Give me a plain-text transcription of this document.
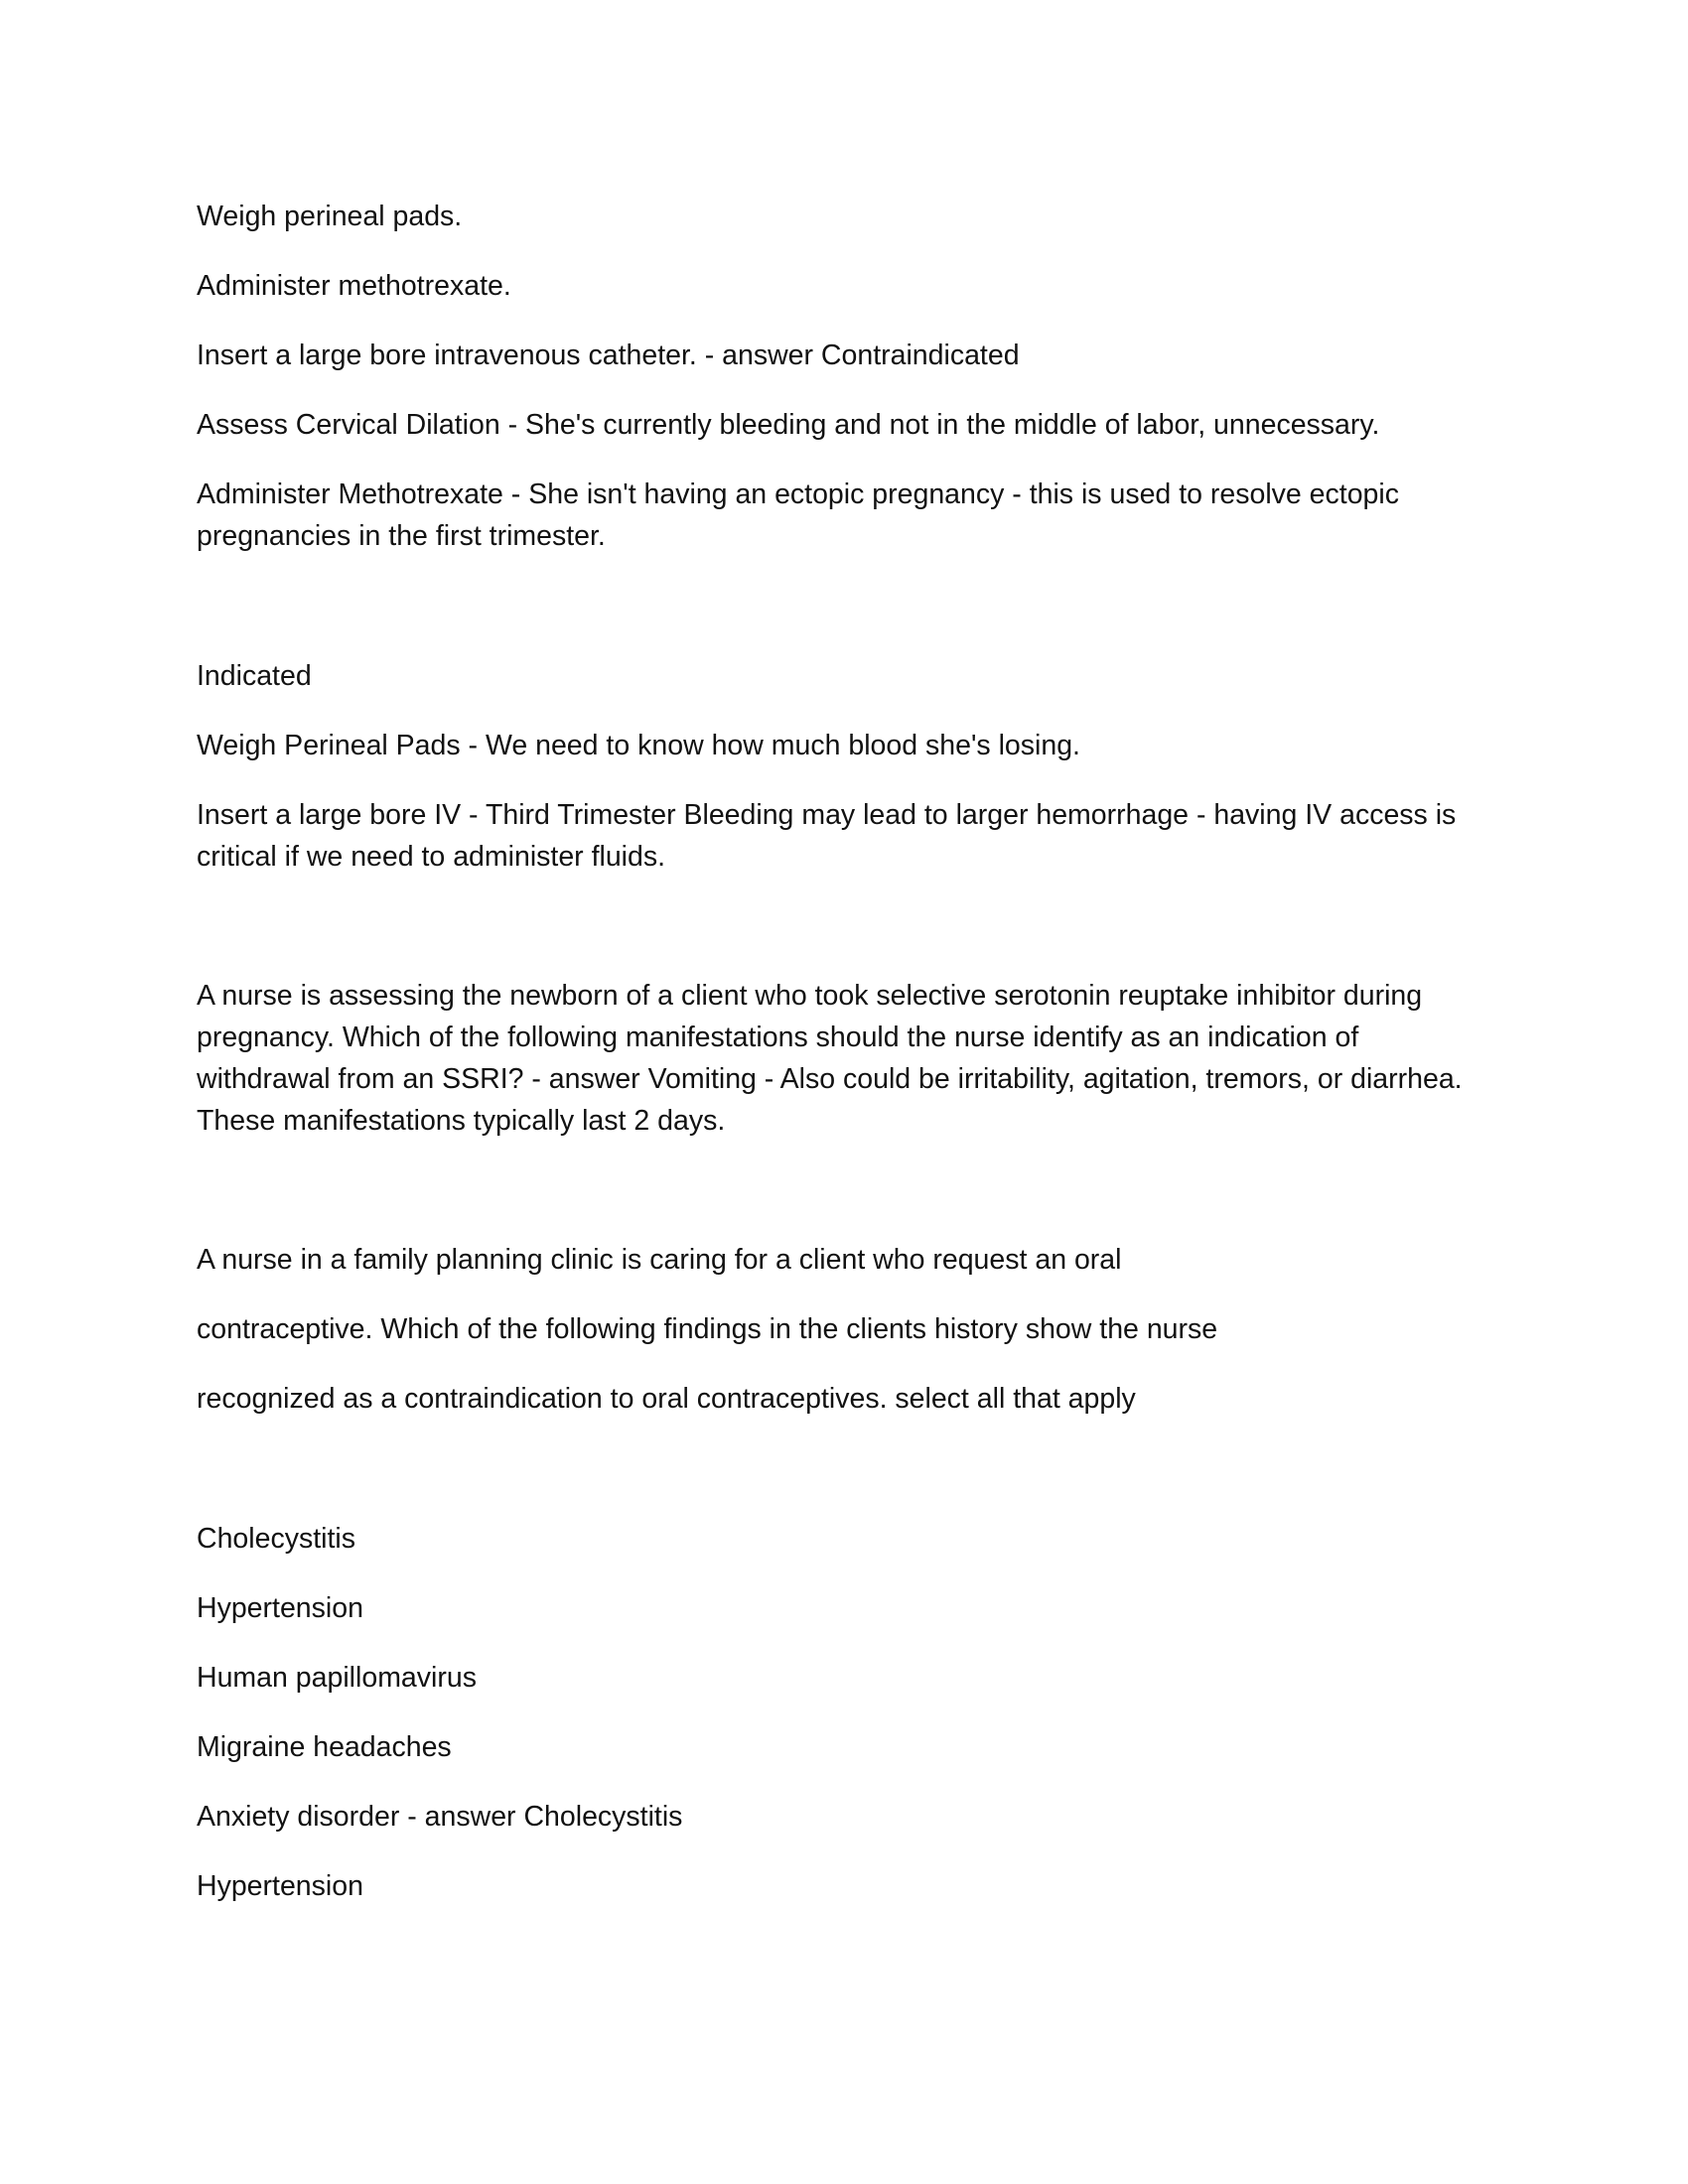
Weigh perineal pads.

Administer methotrexate.

Insert a large bore intravenous catheter. - answer Contraindicated

Assess Cervical Dilation - She's currently bleeding and not in the middle of labor, unnecessary.

Administer Methotrexate - She isn't having an ectopic pregnancy - this is used to resolve ectopic

pregnancies in the first trimester.

Indicated

Weigh Perineal Pads - We need to know how much blood she's losing.

Insert a large bore IV - Third Trimester Bleeding may lead to larger hemorrhage - having IV access is

critical if we need to administer fluids.

A nurse is assessing the newborn of a client who took selective serotonin reuptake inhibitor during

pregnancy. Which of the following manifestations should the nurse identify as an indication of

withdrawal from an SSRI? - answer Vomiting - Also could be irritability, agitation, tremors, or diarrhea.

These manifestations typically last 2 days.

A nurse in a family planning clinic is caring for a client who request an oral

contraceptive. Which of the following findings in the clients history show the nurse

recognized as a contraindication to oral contraceptives. select all that apply

Cholecystitis

Hypertension

Human papillomavirus

Migraine headaches

Anxiety disorder - answer Cholecystitis

Hypertension
